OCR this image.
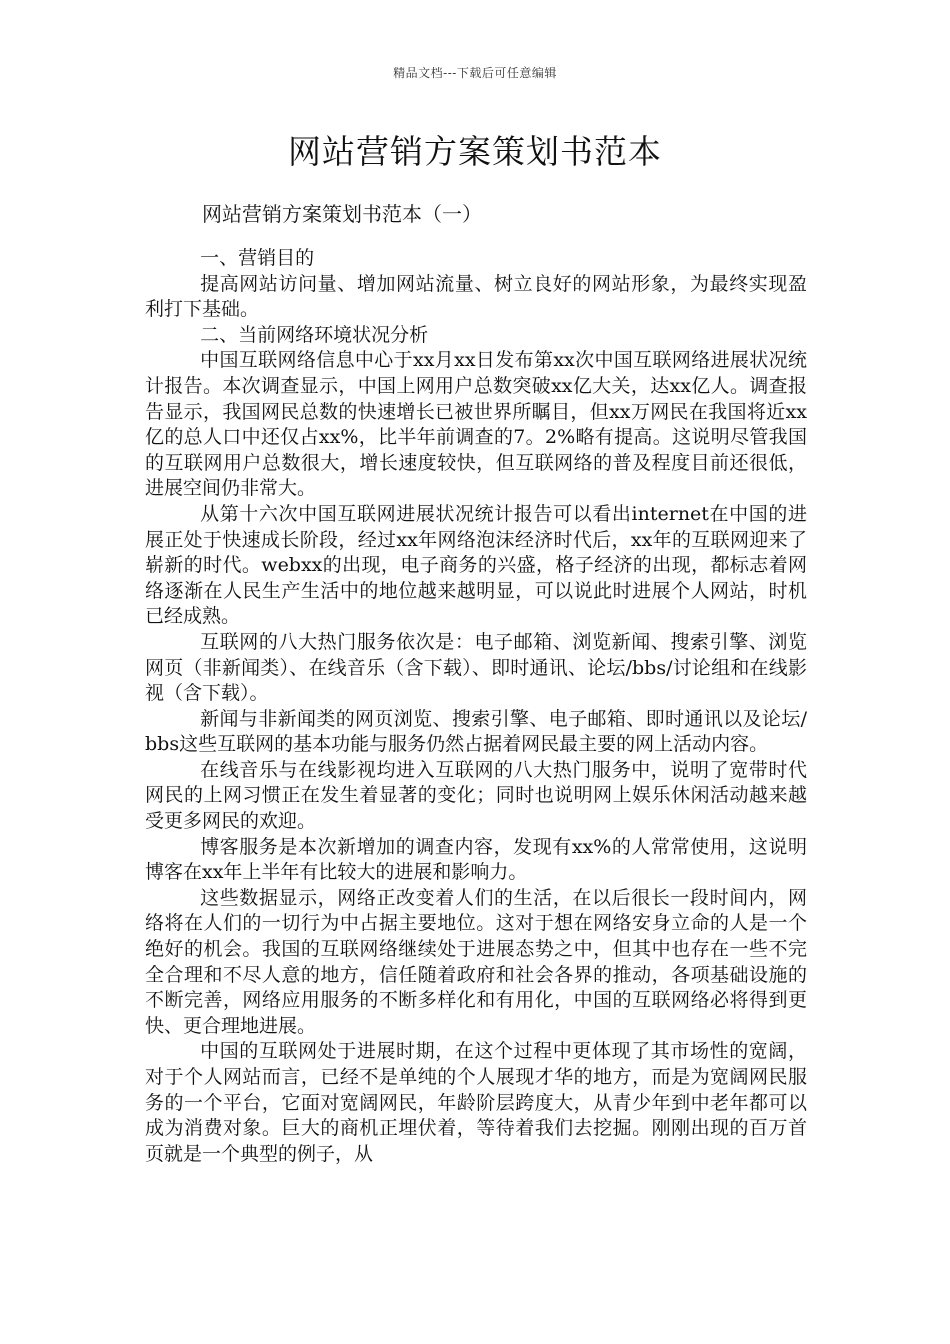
精品文档---下载后可任意编辑
网站营销方案策划书范本
网站营销方案策划书范本（一）

一、营销目的

提高网站访问量、增加网站流量、树立良好的网站形象，为最终实现盈利打下基础。

二、当前网络环境状况分析

中国互联网络信息中心于xx月xx日发布第xx次中国互联网络进展状况统计报告。本次调查显示，中国上网用户总数突破xx亿大关，达xx亿人。调查报告显示，我国网民总数的快速增长已被世界所瞩目，但xx万网民在我国将近xx亿的总人口中还仅占xx%，比半年前调查的7。2%略有提高。这说明尽管我国的互联网用户总数很大，增长速度较快，但互联网络的普及程度目前还很低，进展空间仍非常大。

从第十六次中国互联网进展状况统计报告可以看出internet在中国的进展正处于快速成长阶段，经过xx年网络泡沫经济时代后，xx年的互联网迎来了崭新的时代。webxx的出现，电子商务的兴盛，格子经济的出现，都标志着网络逐渐在人民生产生活中的地位越来越明显，可以说此时进展个人网站，时机已经成熟。

互联网的八大热门服务依次是：电子邮箱、浏览新闻、搜索引擎、浏览网页（非新闻类）、在线音乐（含下载）、即时通讯、论坛/bbs/讨论组和在线影视（含下载）。

新闻与非新闻类的网页浏览、搜索引擎、电子邮箱、即时通讯以及论坛/bbs这些互联网的基本功能与服务仍然占据着网民最主要的网上活动内容。

在线音乐与在线影视均进入互联网的八大热门服务中，说明了宽带时代网民的上网习惯正在发生着显著的变化；同时也说明网上娱乐休闲活动越来越受更多网民的欢迎。

博客服务是本次新增加的调查内容，发现有xx%的人常常使用，这说明博客在xx年上半年有比较大的进展和影响力。

这些数据显示，网络正改变着人们的生活，在以后很长一段时间内，网络将在人们的一切行为中占据主要地位。这对于想在网络安身立命的人是一个绝好的机会。我国的互联网络继续处于进展态势之中，但其中也存在一些不完全合理和不尽人意的地方，信任随着政府和社会各界的推动，各项基础设施的不断完善，网络应用服务的不断多样化和有用化，中国的互联网络必将得到更快、更合理地进展。

中国的互联网处于进展时期，在这个过程中更体现了其市场性的宽阔，对于个人网站而言，已经不是单纯的个人展现才华的地方，而是为宽阔网民服务的一个平台，它面对宽阔网民，年龄阶层跨度大，从青少年到中老年都可以成为消费对象。巨大的商机正埋伏着，等待着我们去挖掘。刚刚出现的百万首页就是一个典型的例子，从
